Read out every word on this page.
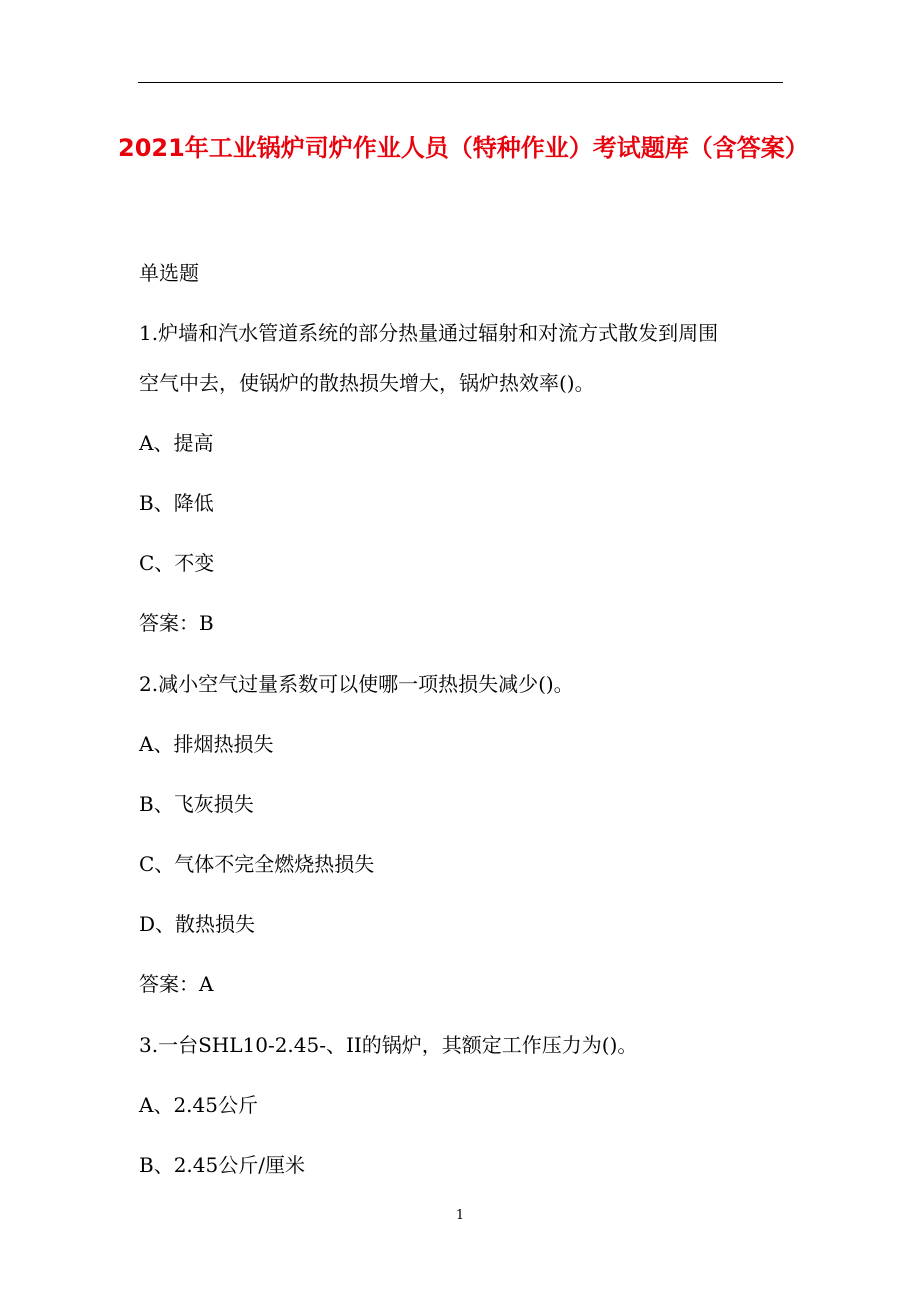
2021年工业锅炉司炉作业人员（特种作业）考试题库（含答案）
单选题
1.炉墙和汽水管道系统的部分热量通过辐射和对流方式散发到周围
空气中去，使锅炉的散热损失增大，锅炉热效率()。
A、提高
B、降低
C、不变
答案：B
2.减小空气过量系数可以使哪一项热损失减少()。
A、排烟热损失
B、飞灰损失
C、气体不完全燃烧热损失
D、散热损失
答案：A
3.一台SHL10-2.45-、II的锅炉，其额定工作压力为()。
A、2.45公斤
B、2.45公斤/厘米
1
